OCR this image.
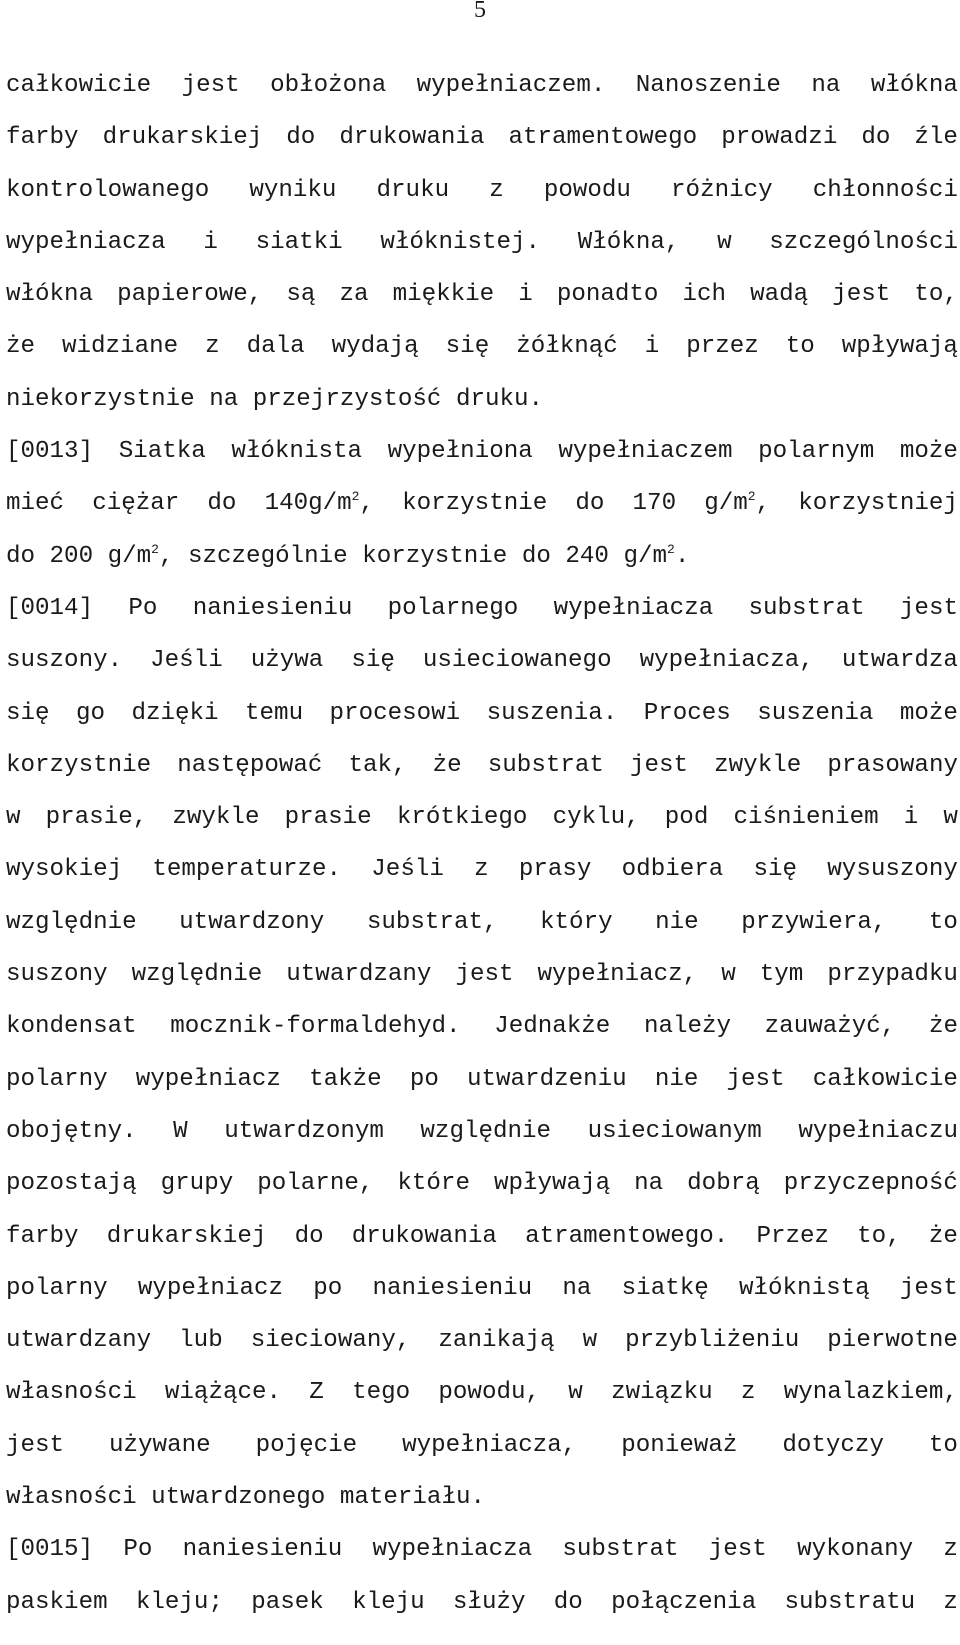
5
całkowicie jest obłożona wypełniaczem. Nanoszenie na włókna
farby drukarskiej do drukowania atramentowego prowadzi do źle
kontrolowanego wyniku druku z powodu różnicy chłonności
wypełniacza i siatki włóknistej. Włókna, w szczególności
włókna papierowe, są za miękkie i ponadto ich wadą jest to,
że widziane z dala wydają się żółknąć i przez to wpływają
niekorzystnie na przejrzystość druku.
[0013] Siatka włóknista wypełniona wypełniaczem polarnym może
mieć ciężar do $140g/m^2$, korzystnie do 170 $g/m^2$, korzystniej
do 200 $g/m^2$, szczególnie korzystnie do 240 $g/m^2$.
[0014] Po naniesieniu polarnego wypełniacza substrat jest
suszony. Jeśli używa się usieciowanego wypełniacza, utwardza
się go dzięki temu procesowi suszenia. Proces suszenia może
korzystnie następować tak, że substrat jest zwykle prasowany
w prasie, zwykle prasie krótkiego cyklu, pod ciśnieniem i w
wysokiej temperaturze. Jeśli z prasy odbiera się wysuszony
względnie utwardzony substrat, który nie przywiera, to
suszony względnie utwardzany jest wypełniacz, w tym przypadku
kondensat mocznik-formaldehyd. Jednakże należy zauważyć, że
polarny wypełniacz także po utwardzeniu nie jest całkowicie
obojętny. W utwardzonym względnie usieciowanym wypełniaczu
pozostają grupy polarne, które wpływają na dobrą przyczepność
farby drukarskiej do drukowania atramentowego. Przez to, że
polarny wypełniacz po naniesieniu na siatkę włóknistą jest
utwardzany lub sieciowany, zanikają w przybliżeniu pierwotne
własności wiążące. Z tego powodu, w związku z wynalazkiem,
jest używane pojęcie wypełniacza, ponieważ dotyczy to
własności utwardzonego materiału.
[0015] Po naniesieniu wypełniacza substrat jest wykonany z
paskiem kleju; pasek kleju służy do połączenia substratu z
